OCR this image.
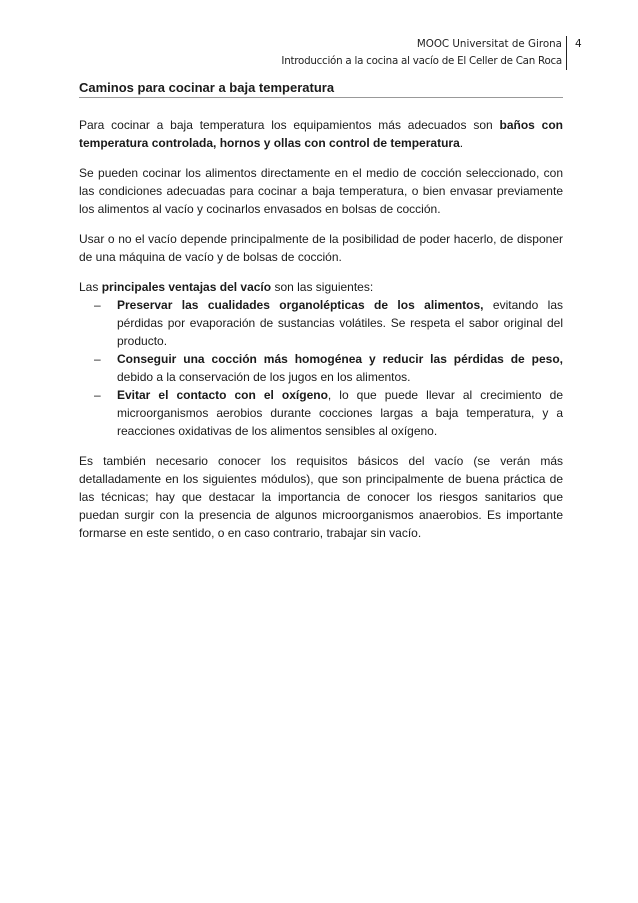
MOOC Universitat de Girona
Introducción a la cocina al vacío de El Celler de Can Roca
4
Caminos para cocinar a baja temperatura

Para cocinar a baja temperatura los equipamientos más adecuados son baños con temperatura controlada, hornos y ollas con control de temperatura.

Se pueden cocinar los alimentos directamente en el medio de cocción seleccionado, con las condiciones adecuadas para cocinar a baja temperatura, o bien envasar previamente los alimentos al vacío y cocinarlos envasados en bolsas de cocción.

Usar o no el vacío depende principalmente de la posibilidad de poder hacerlo, de disponer de una máquina de vacío y de bolsas de cocción.

Las principales ventajas del vacío son las siguientes:
– Preservar las cualidades organolépticas de los alimentos, evitando las pérdidas por evaporación de sustancias volátiles. Se respeta el sabor original del producto.
– Conseguir una cocción más homogénea y reducir las pérdidas de peso, debido a la conservación de los jugos en los alimentos.
– Evitar el contacto con el oxígeno, lo que puede llevar al crecimiento de microorganismos aerobios durante cocciones largas a baja temperatura, y a reacciones oxidativas de los alimentos sensibles al oxígeno.

Es también necesario conocer los requisitos básicos del vacío (se verán más detalladamente en los siguientes módulos), que son principalmente de buena práctica de las técnicas; hay que destacar la importancia de conocer los riesgos sanitarios que puedan surgir con la presencia de algunos microorganismos anaerobios. Es importante formarse en este sentido, o en caso contrario, trabajar sin vacío.
